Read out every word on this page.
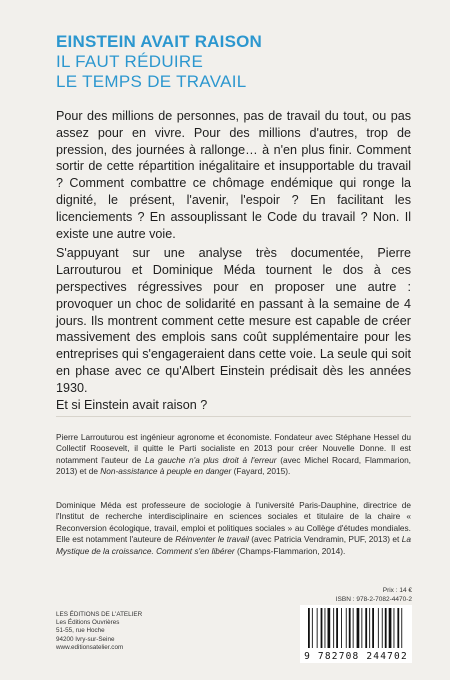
EINSTEIN AVAIT RAISON
IL FAUT RÉDUIRE
LE TEMPS DE TRAVAIL

Pour des millions de personnes, pas de travail du tout, ou pas assez pour en vivre. Pour des millions d'autres, trop de pression, des journées à rallonge… à n'en plus finir. Comment sortir de cette répartition inégalitaire et insupportable du travail ? Comment combattre ce chômage endémique qui ronge la dignité, le présent, l'avenir, l'espoir ? En facilitant les licenciements ? En assouplissant le Code du travail ? Non. Il existe une autre voie.

S'appuyant sur une analyse très documentée, Pierre Larrouturou et Dominique Méda tournent le dos à ces perspectives régressives pour en proposer une autre : provoquer un choc de solidarité en passant à la semaine de 4 jours. Ils montrent comment cette mesure est capable de créer massivement des emplois sans coût supplémentaire pour les entreprises qui s'engageraient dans cette voie. La seule qui soit en phase avec ce qu'Albert Einstein prédisait dès les années 1930.

Et si Einstein avait raison ?

Pierre Larrouturou est ingénieur agronome et économiste. Fondateur avec Stéphane Hessel du Collectif Roosevelt, il quitte le Parti socialiste en 2013 pour créer Nouvelle Donne. Il est notamment l'auteur de La gauche n'a plus droit à l'erreur (avec Michel Rocard, Flammarion, 2013) et de Non-assistance à peuple en danger (Fayard, 2015).

Dominique Méda est professeure de sociologie à l'université Paris-Dauphine, directrice de l'Institut de recherche interdisciplinaire en sciences sociales et titulaire de la chaire « Reconversion écologique, travail, emploi et politiques sociales » au Collège d'études mondiales. Elle est notamment l'auteure de Réinventer le travail (avec Patricia Vendramin, PUF, 2013) et La Mystique de la croissance. Comment s'en libérer (Champs-Flammarion, 2014).

LES ÉDITIONS DE L'ATELIER
Les Éditions Ouvrières
51-55, rue Hoche
94200 Ivry-sur-Seine
www.editionsatelier.com
Prix : 14 €
ISBN : 978-2-7082-4470-2
9 782708 244702
